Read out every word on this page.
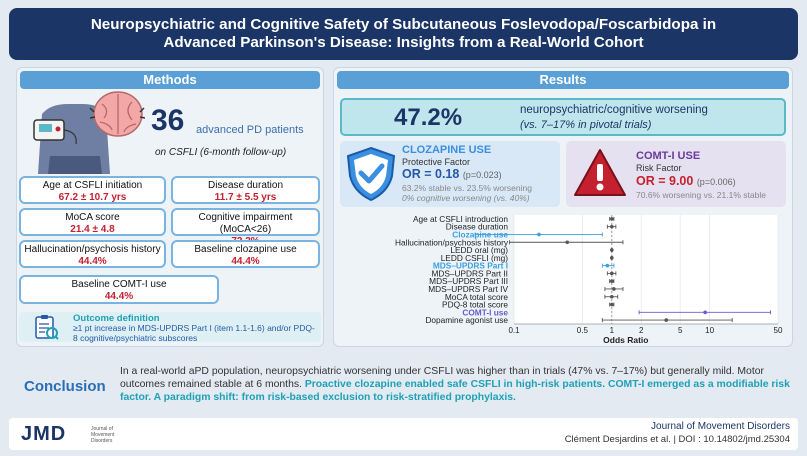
Neuropsychiatric and Cognitive Safety of Subcutaneous Foslevodopa/Foscarbidopa in
Advanced Parkinson's Disease: Insights from a Real-World Cohort
Methods
36 advanced PD patients
on CSFLI (6-month follow-up)
Age at CSFLI initiation
67.2 ± 10.7 yrs
Disease duration
11.7 ± 5.5 yrs
MoCA score
21.4 ± 4.8
Cognitive impairment (MoCA<26)
Hallucination/psychosis history
44.4%
Baseline clozapine use
44.4%
Baseline COMT-I use
44.4%
Outcome definition
≥1 pt increase in MDS-UPDRS Part I (item 1.1-1.6) and/or PDQ-8 cognitive/psychiatric subscores
Results
47.2%	neuropsychiatric/cognitive worsening
(vs. 7–17% in pivotal trials)
CLOZAPINE USE
Protective Factor
OR = 0.18 (p=0.023)
63.2% stable vs. 23.5% worsening
0% cognitive worsening (vs. 40%)
COMT-I USE
Risk Factor
OR = 9.00 (p=0.006)
70.6% worsening vs. 21.1% stable
Age at CSFLI introduction
Disease duration
Clozapine use
Hallucination/psychosis history
LEDD oral (mg)
LEDD CSFLI (mg)
MDS–UPDRS Part I
MDS–UPDRS Part II
MDS–UPDRS Part III
MDS–UPDRS Part IV
MoCA total score
PDQ-8 total score
COMT-I use
Dopamine agonist use
0.1	0.5	1	2	5	10	50
Odds Ratio
Conclusion
In a real-world aPD population, neuropsychiatric worsening under CSFLI was higher than in trials (47% vs. 7–17%) but generally mild. Motor outcomes remained stable at 6 months. Proactive clozapine enabled safe CSFLI in high-risk patients. COMT-I emerged as a modifiable risk factor. A paradigm shift: from risk-based exclusion to risk-stratified prophylaxis.
JMD	Journal of Movement Disorders
Journal of Movement Disorders
Clément Desjardins et al. | DOI : 10.14802/jmd.25304
